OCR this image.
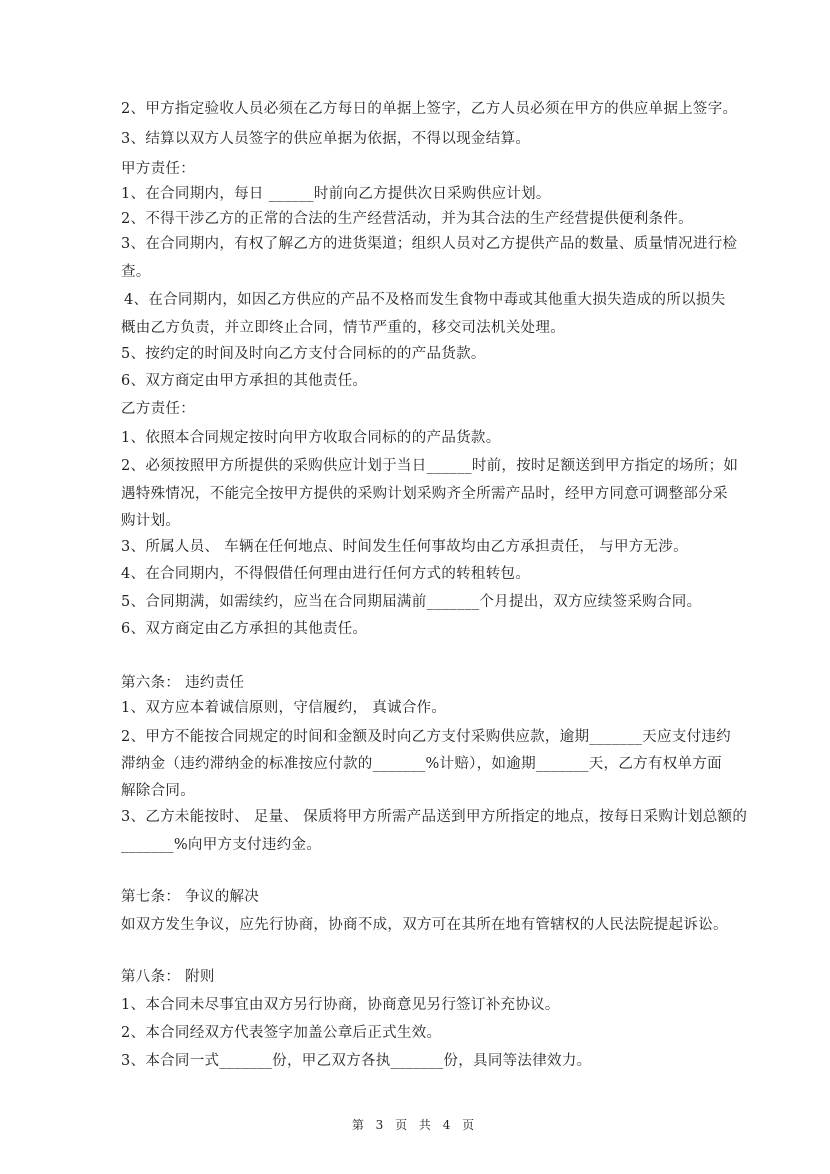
2、甲方指定验收人员必须在乙方每日的单据上签字，乙方人员必须在甲方的供应单据上签字。
3、结算以双方人员签字的供应单据为依据，不得以现金结算。
甲方责任：
1、在合同期内，每日 ______时前向乙方提供次日采购供应计划。
2、不得干涉乙方的正常的合法的生产经营活动，并为其合法的生产经营提供便利条件。
3、在合同期内，有权了解乙方的进货渠道；组织人员对乙方提供产品的数量、质量情况进行检
查。
4、在合同期内，如因乙方供应的产品不及格而发生食物中毒或其他重大损失造成的所以损失
概由乙方负责，并立即终止合同，情节严重的，移交司法机关处理。
5、按约定的时间及时向乙方支付合同标的的产品货款。
6、双方商定由甲方承担的其他责任。
乙方责任：
1、依照本合同规定按时向甲方收取合同标的的产品货款。
2、必须按照甲方所提供的采购供应计划于当日______时前，按时足额送到甲方指定的场所；如
遇特殊情况，不能完全按甲方提供的采购计划采购齐全所需产品时，经甲方同意可调整部分采
购计划。
3、所属人员、 车辆在任何地点、时间发生任何事故均由乙方承担责任， 与甲方无涉。
4、在合同期内，不得假借任何理由进行任何方式的转租转包。
5、合同期满，如需续约，应当在合同期届满前_______个月提出，双方应续签采购合同。
6、双方商定由乙方承担的其他责任。
第六条： 违约责任
1、双方应本着诚信原则，守信履约， 真诚合作。
2、甲方不能按合同规定的时间和金额及时向乙方支付采购供应款，逾期_______天应支付违约
滞纳金（违约滞纳金的标准按应付款的_______%计赔），如逾期_______天，乙方有权单方面
解除合同。
3、乙方未能按时、 足量、 保质将甲方所需产品送到甲方所指定的地点，按每日采购计划总额的
_______%向甲方支付违约金。
第七条： 争议的解决
如双方发生争议，应先行协商，协商不成，双方可在其所在地有管辖权的人民法院提起诉讼。
第八条： 附则
1、本合同未尽事宜由双方另行协商，协商意见另行签订补充协议。
2、本合同经双方代表签字加盖公章后正式生效。
3、本合同一式_______份，甲乙双方各执_______份，具同等法律效力。
第 3 页 共 4 页
